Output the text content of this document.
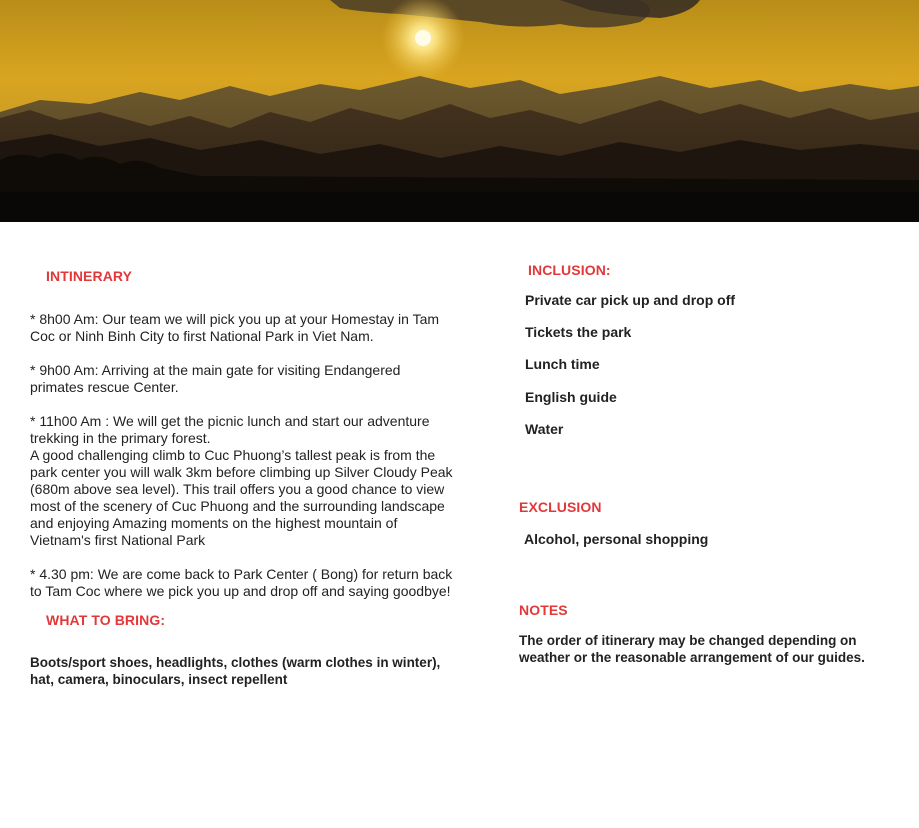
INTINERARY

* 8h00 Am: Our team we will pick you up at your Homestay in Tam
Coc or Ninh Binh City to first National Park in Viet Nam.

* 9h00 Am: Arriving at the main gate for visiting Endangered
primates rescue Center.

* 11h00 Am : We will get the picnic lunch and start our adventure
trekking in the primary forest.
A good challenging climb to Cuc Phuong’s tallest peak is from the
park center you will walk 3km before climbing up Silver Cloudy Peak
(680m above sea level). This trail offers you a good chance to view
most of the scenery of Cuc Phuong and the surrounding landscape
and enjoying Amazing moments on the highest mountain of
Vietnam's first National Park

* 4.30 pm: We are come back to Park Center ( Bong) for return back
to Tam Coc where we pick you up and drop off and saying goodbye!

WHAT TO BRING:
Boots/sport shoes, headlights, clothes (warm clothes in winter),
hat, camera, binoculars, insect repellent
INCLUSION:
Private car pick up and drop off
Tickets the park
Lunch time
English guide
Water
EXCLUSION
Alcohol, personal shopping
NOTES
The order of itinerary may be changed depending on
weather or the reasonable arrangement of our guides.
